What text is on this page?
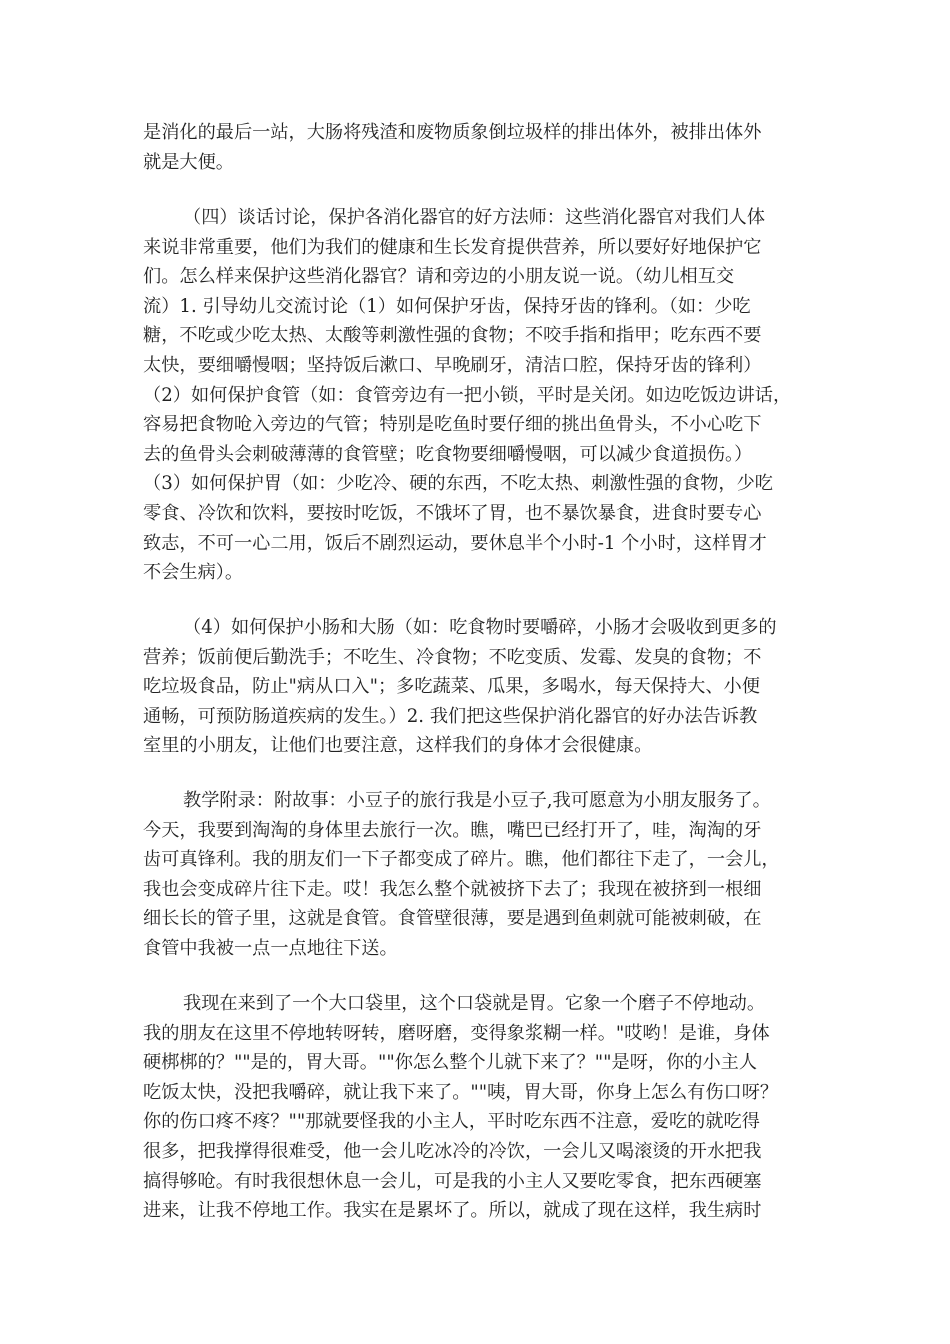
是消化的最后一站，大肠将残渣和废物质象倒垃圾样的排出体外，被排出体外
就是大便。
（四）谈话讨论，保护各消化器官的好方法师：这些消化器官对我们人体
来说非常重要，他们为我们的健康和生长发育提供营养，所以要好好地保护它
们。怎么样来保护这些消化器官？请和旁边的小朋友说一说。（幼儿相互交
流）1. 引导幼儿交流讨论（1）如何保护牙齿，保持牙齿的锋利。（如：少吃
糖，不吃或少吃太热、太酸等刺激性强的食物；不咬手指和指甲；吃东西不要
太快，要细嚼慢咽；坚持饭后漱口、早晚刷牙，清洁口腔，保持牙齿的锋利）
（2）如何保护食管（如：食管旁边有一把小锁，平时是关闭。如边吃饭边讲话，
容易把食物呛入旁边的气管；特别是吃鱼时要仔细的挑出鱼骨头，不小心吃下
去的鱼骨头会刺破薄薄的食管壁；吃食物要细嚼慢咽，可以减少食道损伤。）
（3）如何保护胃（如：少吃冷、硬的东西，不吃太热、刺激性强的食物，少吃
零食、冷饮和饮料，要按时吃饭，不饿坏了胃，也不暴饮暴食，进食时要专心
致志，不可一心二用，饭后不剧烈运动，要休息半个小时-1 个小时，这样胃才
不会生病）。
（4）如何保护小肠和大肠（如：吃食物时要嚼碎，小肠才会吸收到更多的
营养；饭前便后勤洗手；不吃生、冷食物；不吃变质、发霉、发臭的食物；不
吃垃圾食品，防止"病从口入"；多吃蔬菜、瓜果，多喝水，每天保持大、小便
通畅，可预防肠道疾病的发生。）2. 我们把这些保护消化器官的好办法告诉教
室里的小朋友，让他们也要注意，这样我们的身体才会很健康。
教学附录：附故事：小豆子的旅行我是小豆子,我可愿意为小朋友服务了。
今天，我要到淘淘的身体里去旅行一次。瞧，嘴巴已经打开了，哇，淘淘的牙
齿可真锋利。我的朋友们一下子都变成了碎片。瞧，他们都往下走了，一会儿，
我也会变成碎片往下走。哎！我怎么整个就被挤下去了；我现在被挤到一根细
细长长的管子里，这就是食管。食管壁很薄，要是遇到鱼刺就可能被刺破，在
食管中我被一点一点地往下送。
我现在来到了一个大口袋里，这个口袋就是胃。它象一个磨子不停地动。
我的朋友在这里不停地转呀转，磨呀磨，变得象浆糊一样。"哎哟！是谁，身体
硬梆梆的？""是的，胃大哥。""你怎么整个儿就下来了？""是呀，你的小主人
吃饭太快，没把我嚼碎，就让我下来了。""咦，胃大哥，你身上怎么有伤口呀？
你的伤口疼不疼？""那就要怪我的小主人，平时吃东西不注意，爱吃的就吃得
很多，把我撑得很难受，他一会儿吃冰冷的冷饮，一会儿又喝滚烫的开水把我
搞得够呛。有时我很想休息一会儿，可是我的小主人又要吃零食，把东西硬塞
进来，让我不停地工作。我实在是累坏了。所以，就成了现在这样，我生病时
